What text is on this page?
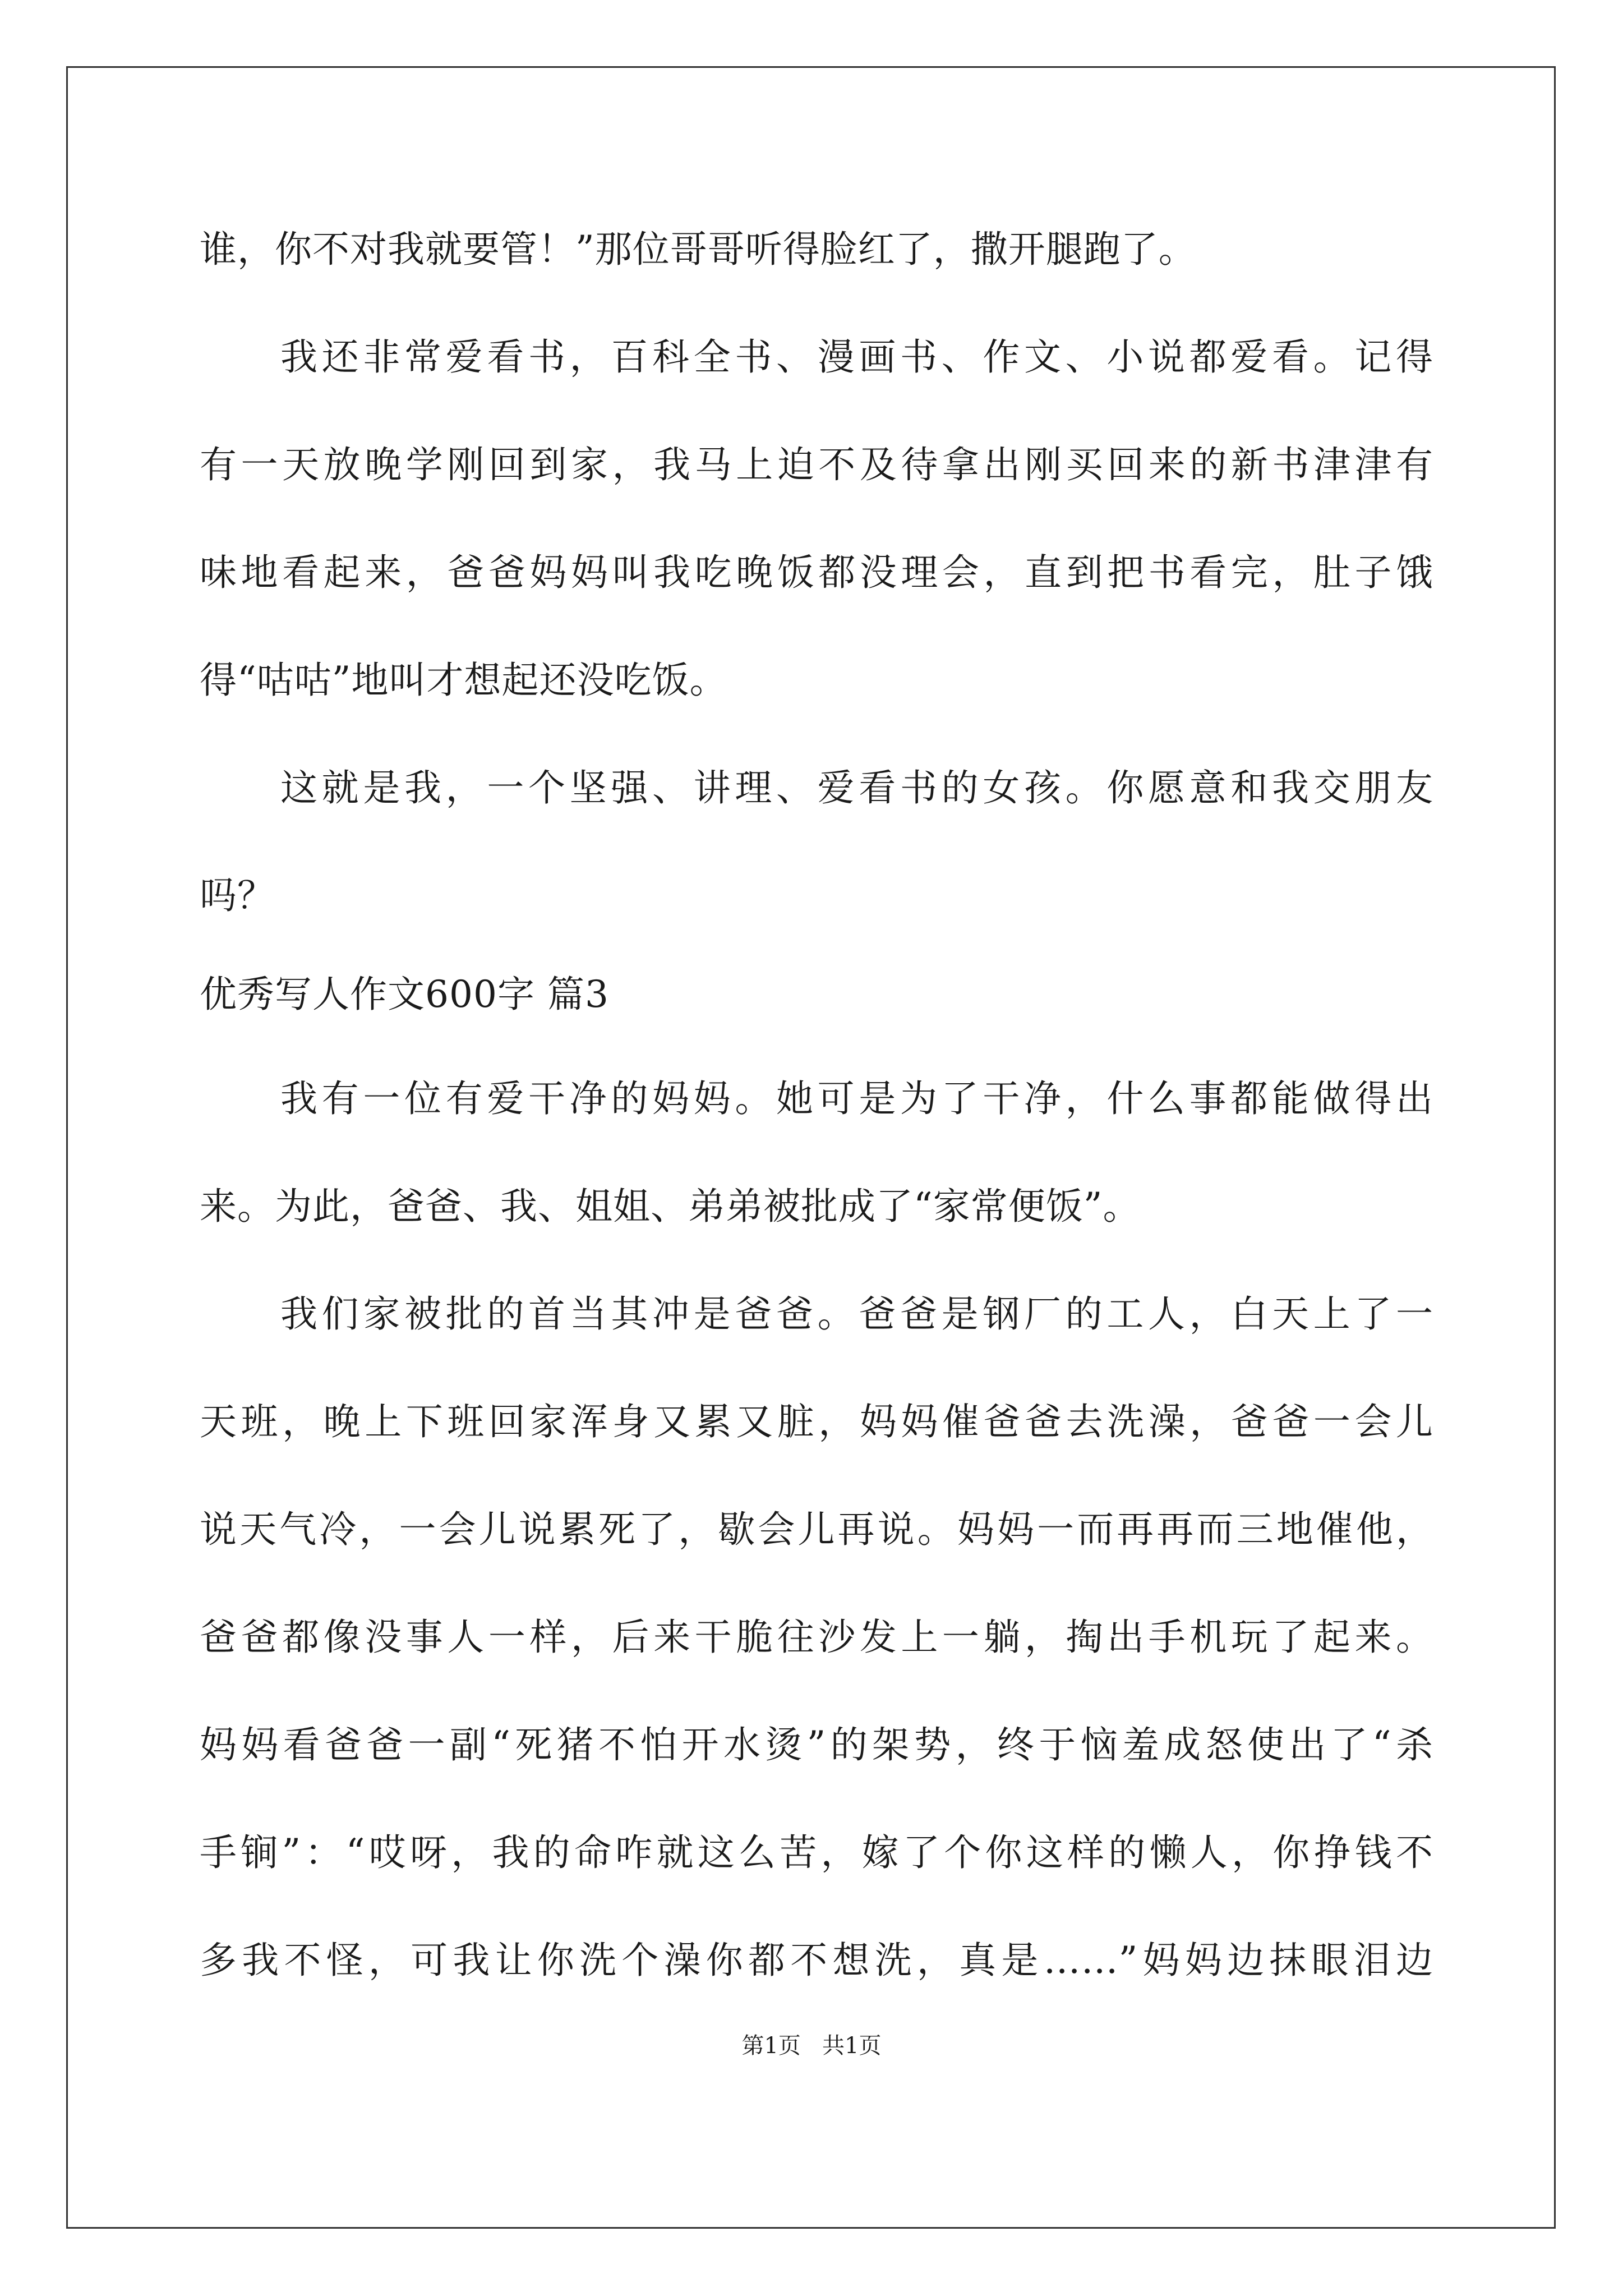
谁，你不对我就要管！”那位哥哥听得脸红了，撒开腿跑了。
我还非常爱看书，百科全书、漫画书、作文、小说都爱看。记得
有一天放晚学刚回到家，我马上迫不及待拿出刚买回来的新书津津有
味地看起来，爸爸妈妈叫我吃晚饭都没理会，直到把书看完，肚子饿
得“咕咕”地叫才想起还没吃饭。
这就是我，一个坚强、讲理、爱看书的女孩。你愿意和我交朋友
吗？
优秀写人作文600字 篇3
我有一位有爱干净的妈妈。她可是为了干净，什么事都能做得出
来。为此，爸爸、我、姐姐、弟弟被批成了“家常便饭”。
我们家被批的首当其冲是爸爸。爸爸是钢厂的工人，白天上了一
天班，晚上下班回家浑身又累又脏，妈妈催爸爸去洗澡，爸爸一会儿
说天气冷，一会儿说累死了，歇会儿再说。妈妈一而再再而三地催他，
爸爸都像没事人一样，后来干脆往沙发上一躺，掏出手机玩了起来。
妈妈看爸爸一副“死猪不怕开水烫”的架势，终于恼羞成怒使出了“杀
手锏”：“哎呀，我的命咋就这么苦，嫁了个你这样的懒人，你挣钱不
多我不怪，可我让你洗个澡你都不想洗，真是……”妈妈边抹眼泪边
第1页   共1页
